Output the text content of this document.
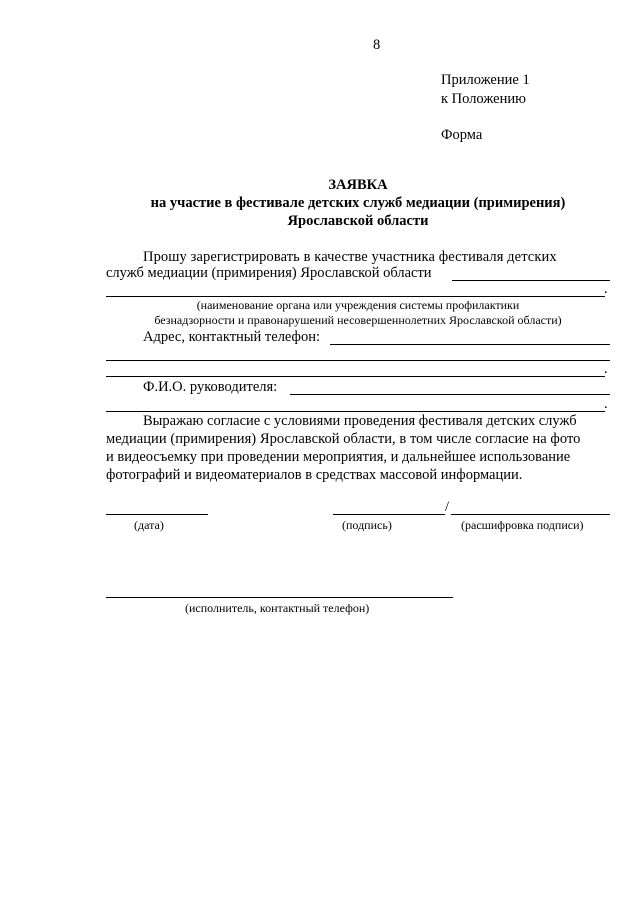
8
Приложение 1
к Положению
Форма
ЗАЯВКА
на участие в фестивале детских служб медиации (примирения)
Ярославской области
Прошу зарегистрировать в качестве участника фестиваля детских
служб медиации (примирения) Ярославской области
.
(наименование органа или учреждения системы профилактики
безнадзорности и правонарушений несовершеннолетних Ярославской области)
Адрес, контактный телефон:
.
Ф.И.О. руководителя:
.
Выражаю согласие с условиями проведения фестиваля детских служб
медиации (примирения) Ярославской области, в том числе согласие на фото
и видеосъемку при проведении мероприятия, и дальнейшее использование
фотографий и видеоматериалов в средствах массовой информации.
/
(дата)	(подпись)	(расшифровка подписи)
(исполнитель, контактный телефон)
